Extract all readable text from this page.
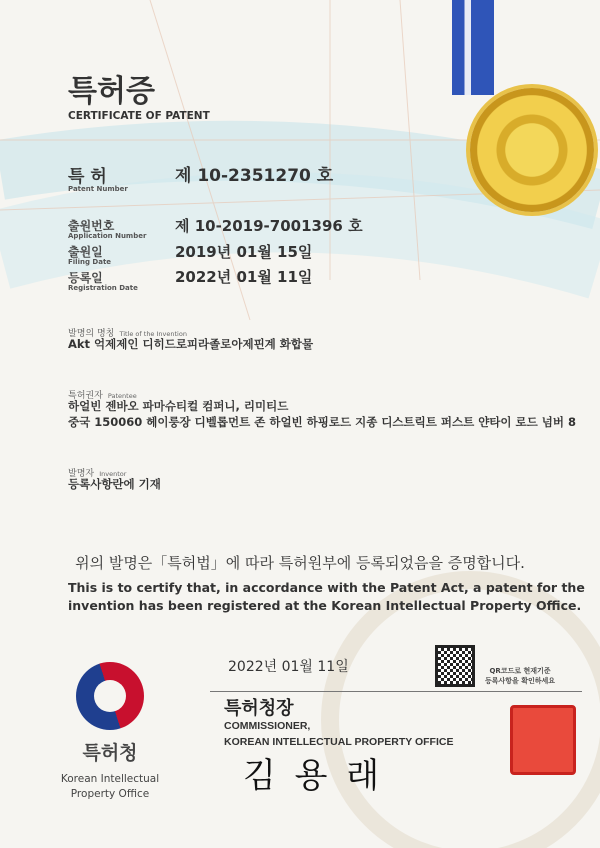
특허증
CERTIFICATE OF PATENT
특 허
Patent Number
제 10-2351270 호
출원번호
Application Number
제 10-2019-7001396 호
출원일
Filing Date
2019년 01월 15일
등록일
Registration Date
2022년 01월 11일
발명의 명칭 Title of the Invention
Akt 억제제인 디히드로피라졸로아제핀계 화합물
특허권자 Patentee
하얼빈 젠바오 파마슈티컬 컴퍼니, 리미티드
중국 150060 헤이룽장 디벨롭먼트 존 하얼빈 하핑로드 지종 디스트릭트 퍼스트 얀타이 로드 넘버 8
발명자 Inventor
등록사항란에 기재
위의 발명은「특허법」에 따라 특허원부에 등록되었음을 증명합니다.
This is to certify that, in accordance with the Patent Act, a patent for the
invention has been registered at the Korean Intellectual Property Office.
2022년 01월 11일	QR코드로 현재기준
등록사항을 확인하세요
특허청장
COMMISSIONER,
KOREAN INTELLECTUAL PROPERTY OFFICE
김 용 래
특허청
Korean Intellectual
Property Office
